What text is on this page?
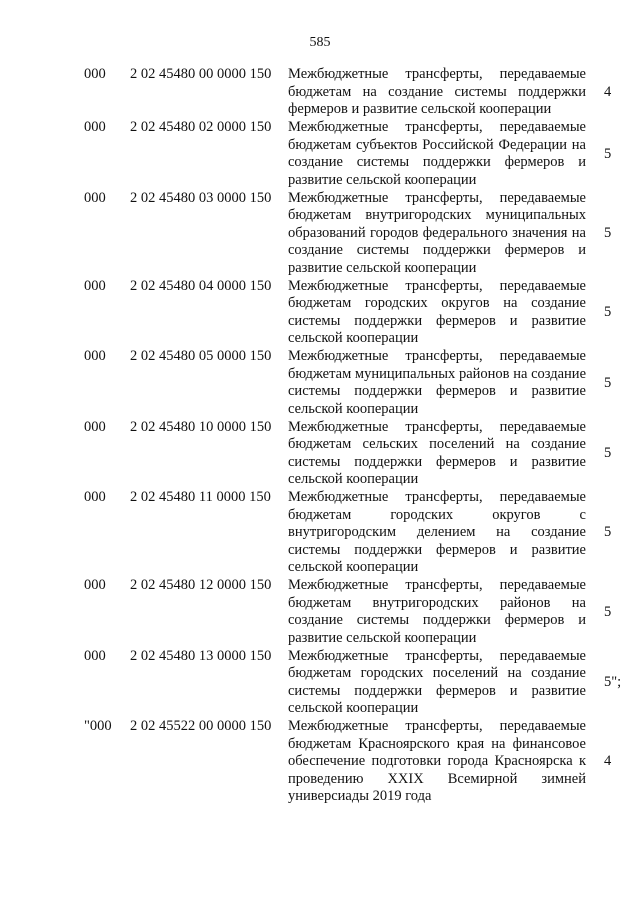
585
000 2 02 45480 00 0000 150 Межбюджетные трансферты, передаваемые бюджетам на создание системы поддержки фермеров и развитие сельской кооперации
4
000 2 02 45480 02 0000 150 Межбюджетные трансферты, передаваемые бюджетам субъектов Российской Федерации на создание системы поддержки фермеров и развитие сельской кооперации
5
000 2 02 45480 03 0000 150 Межбюджетные трансферты, передаваемые бюджетам внутригородских муниципальных образований городов федерального значения на создание системы поддержки фермеров и развитие сельской кооперации
5
000 2 02 45480 04 0000 150 Межбюджетные трансферты, передаваемые бюджетам городских округов на создание системы поддержки фермеров и развитие сельской кооперации
5
000 2 02 45480 05 0000 150 Межбюджетные трансферты, передаваемые бюджетам муниципальных районов на создание системы поддержки фермеров и развитие сельской кооперации
5
000 2 02 45480 10 0000 150 Межбюджетные трансферты, передаваемые бюджетам сельских поселений на создание системы поддержки фермеров и развитие сельской кооперации
5
000 2 02 45480 11 0000 150 Межбюджетные трансферты, передаваемые бюджетам городских округов с внутригородским делением на создание системы поддержки фермеров и развитие сельской кооперации
5
000 2 02 45480 12 0000 150 Межбюджетные трансферты, передаваемые бюджетам внутригородских районов на создание системы поддержки фермеров и развитие сельской кооперации
5
000 2 02 45480 13 0000 150 Межбюджетные трансферты, передаваемые бюджетам городских поселений на создание системы поддержки фермеров и развитие сельской кооперации
5";
"000 2 02 45522 00 0000 150 Межбюджетные трансферты, передаваемые бюджетам Красноярского края на финансовое обеспечение подготовки города Красноярска к проведению XXIX Всемирной зимней универсиады 2019 года
4
